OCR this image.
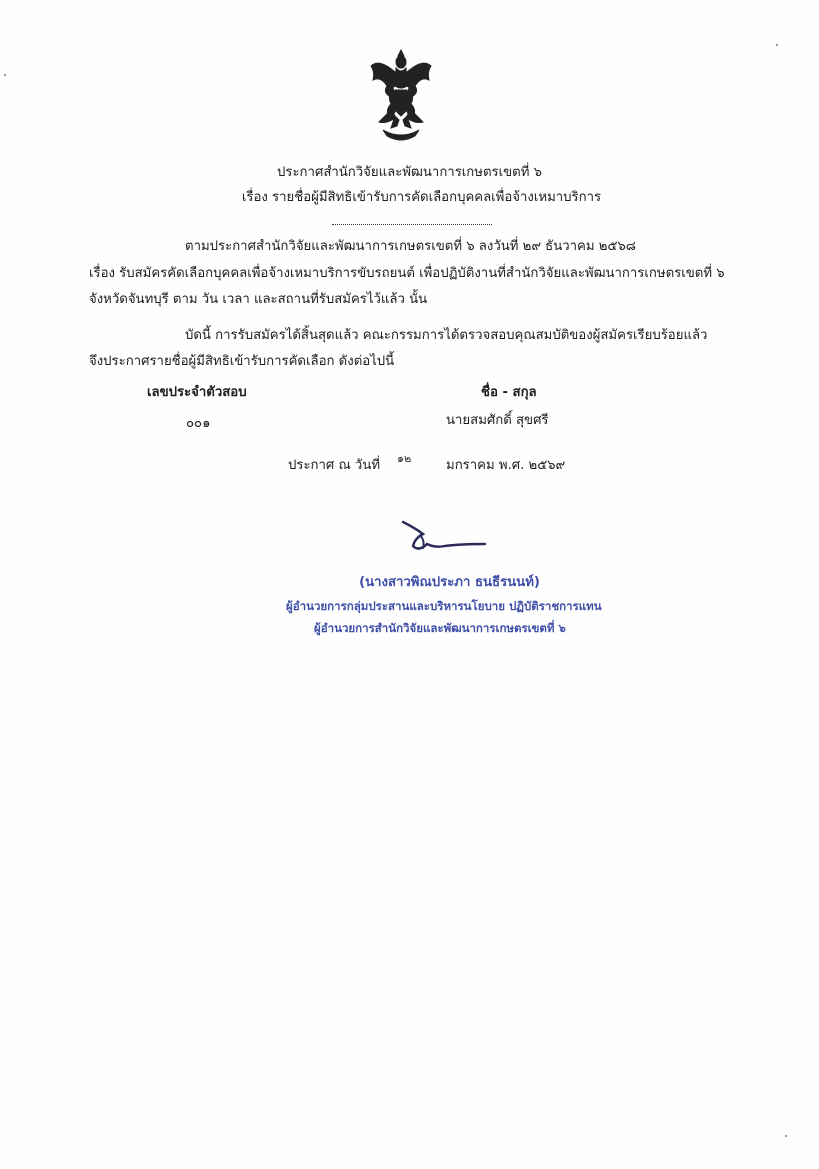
ประกาศสำนักวิจัยและพัฒนาการเกษตรเขตที่ ๖
เรื่อง รายชื่อผู้มีสิทธิเข้ารับการคัดเลือกบุคคลเพื่อจ้างเหมาบริการ
ตามประกาศสำนักวิจัยและพัฒนาการเกษตรเขตที่ ๖ ลงวันที่ ๒๙ ธันวาคม ๒๕๖๘
เรื่อง รับสมัครคัดเลือกบุคคลเพื่อจ้างเหมาบริการขับรถยนต์ เพื่อปฏิบัติงานที่สำนักวิจัยและพัฒนาการเกษตรเขตที่ ๖
จังหวัดจันทบุรี ตาม วัน เวลา และสถานที่รับสมัครไว้แล้ว นั้น
บัดนี้ การรับสมัครได้สิ้นสุดแล้ว คณะกรรมการได้ตรวจสอบคุณสมบัติของผู้สมัครเรียบร้อยแล้ว
จึงประกาศรายชื่อผู้มีสิทธิเข้ารับการคัดเลือก ดังต่อไปนี้
เลขประจำตัวสอบ	ชื่อ - สกุล
๐๐๑	นายสมศักดิ์ สุขศรี
ประกาศ ณ วันที่ ๑๒	มกราคม พ.ศ. ๒๕๖๙
(นางสาวพิณประภา ธนธีรนนท์)
ผู้อำนวยการกลุ่มประสานและบริหารนโยบาย ปฏิบัติราชการแทน
ผู้อำนวยการสำนักวิจัยและพัฒนาการเกษตรเขตที่ ๖
